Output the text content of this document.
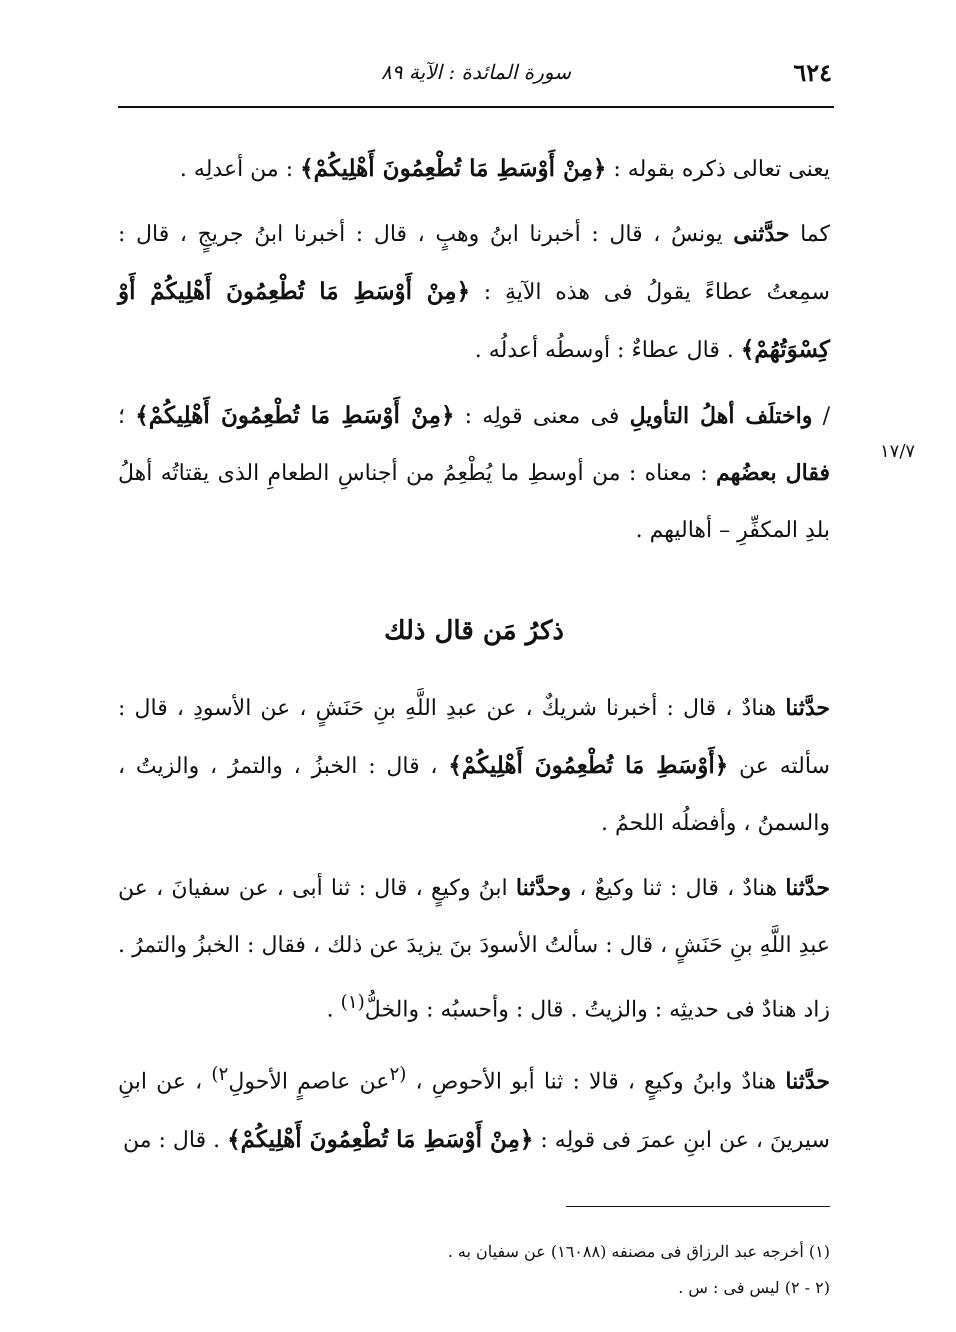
٦٢٤
سورة المائدة : الآية ٨٩
١٧/٧

يعنى تعالى ذكره بقوله : ﴿مِنْ أَوْسَطِ مَا تُطْعِمُونَ أَهْلِيكُمْ﴾ : من أعدلِه .

كما حدَّثنى يونسُ ، قال : أخبرنا ابنُ وهبٍ ، قال : أخبرنا ابنُ جريجٍ ، قال : سمِعتُ عطاءً يقولُ فى هذه الآيةِ : ﴿مِنْ أَوْسَطِ مَا تُطْعِمُونَ أَهْلِيكُمْ أَوْ كِسْوَتُهُمْ﴾ . قال عطاءٌ : أوسطُه أعدلُه .

/ واختلَف أهلُ التأويلِ فى معنى قولِه : ﴿مِنْ أَوْسَطِ مَا تُطْعِمُونَ أَهْلِيكُمْ﴾ ؛ فقال بعضُهم : معناه : من أوسطِ ما يُطْعِمُ من أجناسِ الطعامِ الذى يقتاتُه أهلُ بلدِ المكفِّرِ – أهاليهم .

ذكرُ مَن قال ذلك

حدَّثنا هنادٌ ، قال : أخبرنا شريكٌ ، عن عبدِ اللَّهِ بنِ حَنَشٍ ، عن الأسودِ ، قال : سألته عن ﴿أَوْسَطِ مَا تُطْعِمُونَ أَهْلِيكُمْ﴾ ، قال : الخبزُ ، والتمرُ ، والزيتُ ، والسمنُ ، وأفضلُه اللحمُ .

حدَّثنا هنادٌ ، قال : ثنا وكيعٌ ، وحدَّثنا ابنُ وكيعٍ ، قال : ثنا أبى ، عن سفيانَ ، عن عبدِ اللَّهِ بنِ حَنَشٍ ، قال : سألتُ الأسودَ بنَ يزيدَ عن ذلك ، فقال : الخبزُ والتمرُ . زاد هنادٌ فى حديثِه : والزيتُ . قال : وأحسبُه : والخلُّ$^{(١)}$ .

حدَّثنا هنادٌ وابنُ وكيعٍ ، قالا : ثنا أبو الأحوصِ ، $^{(٢}$عن عاصمٍ الأحولِ$^{٢)}$ ، عن ابنِ سيرينَ ، عن ابنِ عمرَ فى قولِه : ﴿مِنْ أَوْسَطِ مَا تُطْعِمُونَ أَهْلِيكُمْ﴾ . قال : من

(١) أخرجه عبد الرزاق فى مصنفه (١٦٠٨٨) عن سفيان به .

(٢ - ٢) ليس فى : س .
